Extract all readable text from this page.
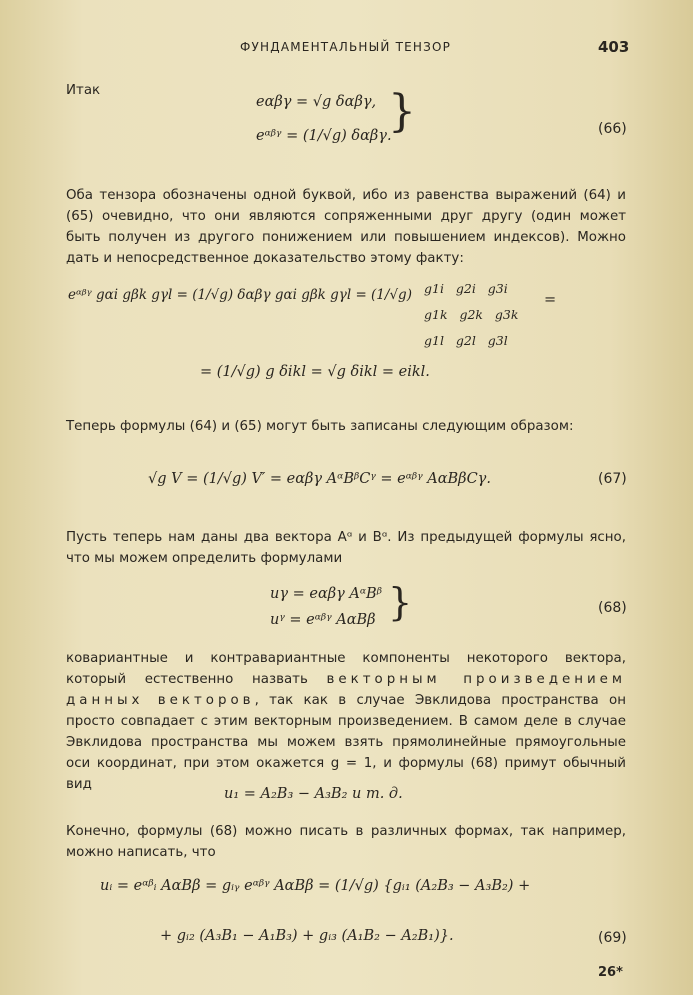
ФУНДАМЕНТАЛЬНЫЙ ТЕНЗОР	403
Итак
eαβγ = √g δαβγ,
eᵅᵝᵞ = (1/√g) δαβγ.
}	(66)
Оба тензора обозначены одной буквой, ибо из равенства выражений (64) и (65) очевидно, что они являются сопряженными друг другу (один может быть получен из другого понижением или повышением индексов). Можно дать и непосредственное доказательство этому факту:
eᵅᵝᵞ gαi gβk gγl = (1/√g) δαβγ gαi gβk gγl = (1/√g) g1i   g2i   g3i
g1k   g2k   g3k
g1l   g2l   g3l
=
= (1/√g) g δikl = √g δikl = eikl.
Теперь формулы (64) и (65) могут быть записаны следующим образом:
√g V = (1/√g) V′ = eαβγ AᵅBᵝCᵞ = eᵅᵝᵞ AαBβCγ.	(67)
Пусть теперь нам даны два вектора Aᵅ и Bᵅ. Из предыдущей формулы ясно, что мы можем определить формулами
uγ = eαβγ AᵅBᵝ
uᵞ = eᵅᵝᵞ AαBβ }	(68)
ковариантные и контравариантные компоненты некоторого вектора, который естественно назвать векторным произведением данных векторов, так как в случае Эвклидова пространства он просто совпадает с этим векторным произведением. В самом деле в случае Эвклидова пространства мы можем взять прямолинейные прямоугольные оси координат, при этом окажется g = 1, и формулы (68) примут обычный вид
u₁ = A₂B₃ − A₃B₂ и т. д.
Конечно, формулы (68) можно писать в различных формах, так например, можно написать, что
uᵢ = eᵅᵝᵢ AαBβ = gᵢᵧ eᵅᵝᵞ AαBβ = (1/√g) {gᵢ₁ (A₂B₃ − A₃B₂) +
+ gᵢ₂ (A₃B₁ − A₁B₃) + gᵢ₃ (A₁B₂ − A₂B₁)}.	(69)
26*
